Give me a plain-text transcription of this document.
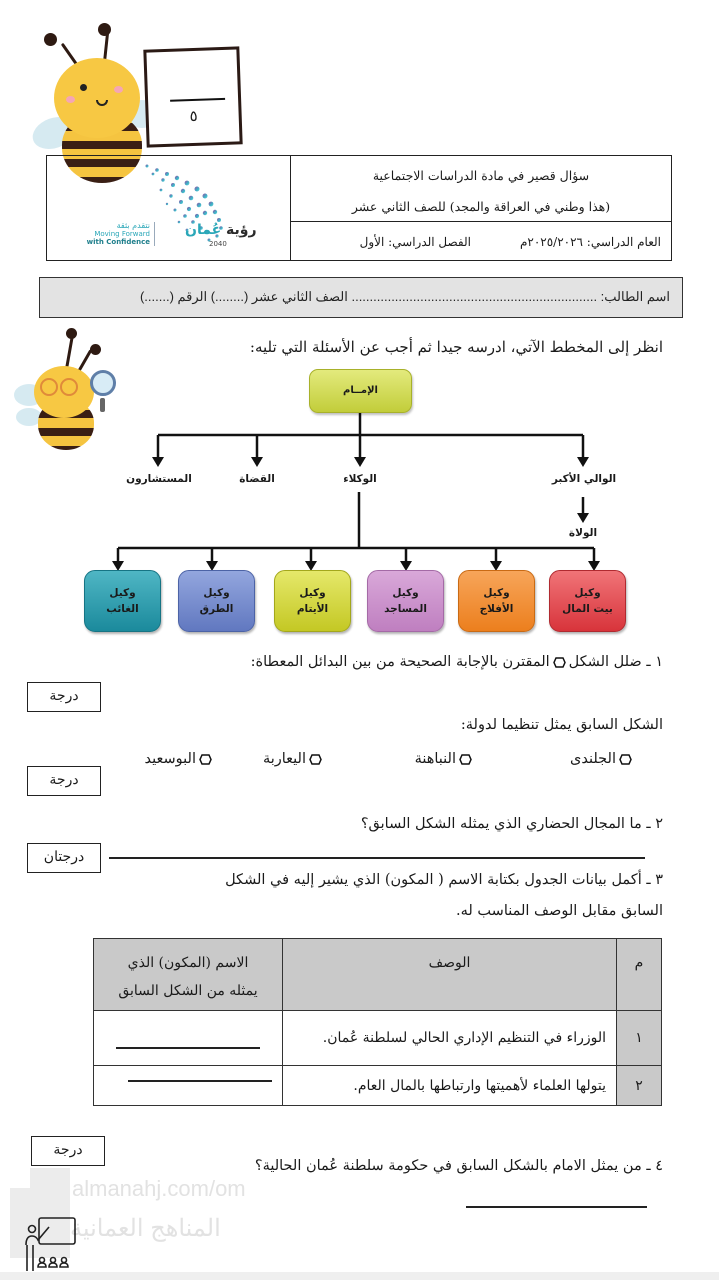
٥
رؤية عُمان
2040
نتقدم بثقة
Moving Forward
with Confidence
سؤال قصير في مادة الدراسات الاجتماعية
(هذا وطني في العراقة والمجد) للصف الثاني عشر
العام الدراسي: ٢٠٢٥/٢٠٢٦م
الفصل الدراسي: الأول
اسم الطالب: .................................................................... الصف الثاني عشر (........) الرقم (.......)
انظر إلى المخطط الآتي، ادرسه جيدا ثم أجب عن الأسئلة التي تليه:
الإمــام
الوالي الأكبر
الوكلاء
القضاة
المستشارون
الولاة
وكيل
بيت المال
وكيل
الأفلاج
وكيل
المساجد
وكيل
الأيتام
وكيل
الطرق
وكيل
الغائب
١ ـ ضلل الشكلالمقترن بالإجابة الصحيحة من بين البدائل المعطاة:
درجة
الشكل السابق يمثل تنظيما لدولة:
الجلندى
النباهنة
اليعاربة
البوسعيد
درجة
٢ ـ ما المجال الحضاري الذي يمثله الشكل السابق؟
درجتان
٣ ـ أكمل بيانات الجدول بكتابة الاسم ( المكون) الذي يشير إليه في الشكل
السابق مقابل الوصف المناسب له.
م	الوصف	الاسم (المكون) الذي
يمثله من الشكل السابق

١	الوزراء في التنظيم الإداري الحالي لسلطنة عُمان.	

٢	يتولها العلماء لأهميتها وارتباطها بالمال العام.	
درجة
٤ ـ من يمثل الامام بالشكل السابق في حكومة سلطنة عُمان الحالية؟
almanahj.com/om
المناهج العمانية
